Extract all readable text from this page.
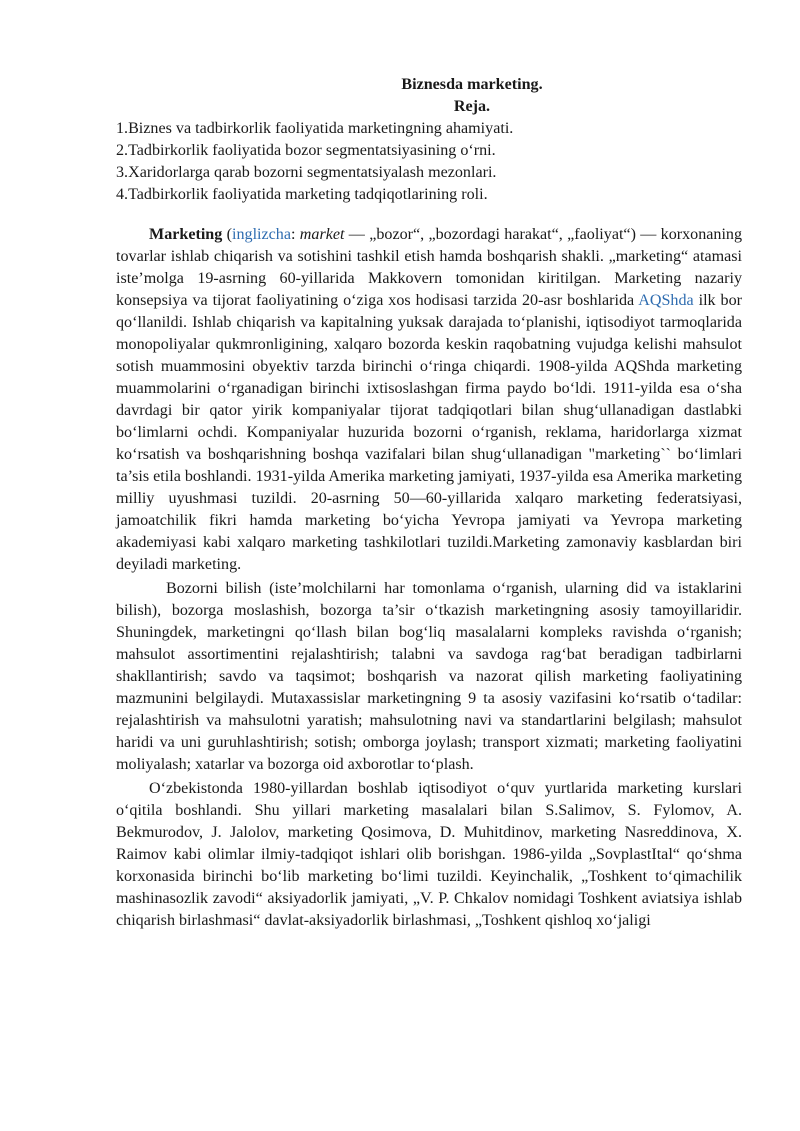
Biznesda marketing.
Reja.
1.Biznes va tadbirkorlik faoliyatida marketingning ahamiyati.
2.Tadbirkorlik faoliyatida bozor segmentatsiyasining o‘rni.
3.Xaridorlarga qarab bozorni segmentatsiyalash mezonlari.
4.Tadbirkorlik faoliyatida marketing tadqiqotlarining roli.

Marketing (inglizcha: market — „bozor“, „bozordagi harakat“, „faoliyat“) — korxonaning tovarlar ishlab chiqarish va sotishini tashkil etish hamda boshqarish shakli. „marketing“ atamasi iste’molga 19-asrning 60-yillarida Makkovern tomonidan kiritilgan. Marketing nazariy konsepsiya va tijorat faoliyatining o‘ziga xos hodisasi tarzida 20-asr boshlarida AQShda ilk bor qo‘llanildi. Ishlab chiqarish va kapitalning yuksak darajada to‘planishi, iqtisodiyot tarmoqlarida monopoliyalar qukmronligining, xalqaro bozorda keskin raqobatning vujudga kelishi mahsulot sotish muammosini obyektiv tarzda birinchi o‘ringa chiqardi. 1908-yilda AQShda marketing muammolarini o‘rganadigan birinchi ixtisoslashgan firma paydo bo‘ldi. 1911-yilda esa o‘sha davrdagi bir qator yirik kompaniyalar tijorat tadqiqotlari bilan shug‘ullanadigan dastlabki bo‘limlarni ochdi. Kompaniyalar huzurida bozorni o‘rganish, reklama, haridorlarga xizmat ko‘rsatish va boshqarishning boshqa vazifalari bilan shug‘ullanadigan "marketing`` bo‘limlari ta’sis etila boshlandi. 1931-yilda Amerika marketing jamiyati, 1937-yilda esa Amerika marketing milliy uyushmasi tuzildi. 20-asrning 50—60-yillarida xalqaro marketing federatsiyasi, jamoatchilik fikri hamda marketing bo‘yicha Yevropa jamiyati va Yevropa marketing akademiyasi kabi xalqaro marketing tashkilotlari tuzildi.Marketing zamonaviy kasblardan biri deyiladi marketing.

Bozorni bilish (iste’molchilarni har tomonlama o‘rganish, ularning did va istaklarini bilish), bozorga moslashish, bozorga ta’sir o‘tkazish marketingning asosiy tamoyillaridir. Shuningdek, marketingni qo‘llash bilan bog‘liq masalalarni kompleks ravishda o‘rganish; mahsulot assortimentini rejalashtirish; talabni va savdoga rag‘bat beradigan tadbirlarni shakllantirish; savdo va taqsimot; boshqarish va nazorat qilish marketing faoliyatining mazmunini belgilaydi. Mutaxassislar marketingning 9 ta asosiy vazifasini ko‘rsatib o‘tadilar: rejalashtirish va mahsulotni yaratish; mahsulotning navi va standartlarini belgilash; mahsulot haridi va uni guruhlashtirish; sotish; omborga joylash; transport xizmati; marketing faoliyatini moliyalash; xatarlar va bozorga oid axborotlar to‘plash.

O‘zbekistonda 1980-yillardan boshlab iqtisodiyot o‘quv yurtlarida marketing kurslari o‘qitila boshlandi. Shu yillari marketing masalalari bilan S.Salimov, S. Fylomov, A. Bekmurodov, J. Jalolov, marketing Qosimova, D. Muhitdinov, marketing Nasreddinova, X. Raimov kabi olimlar ilmiy-tadqiqot ishlari olib borishgan. 1986-yilda „SovplastItal“ qo‘shma korxonasida birinchi bo‘lib marketing bo‘limi tuzildi. Keyinchalik, „Toshkent to‘qimachilik mashinasozlik zavodi“ aksiyadorlik jamiyati, „V. P. Chkalov nomidagi Toshkent aviatsiya ishlab chiqarish birlashmasi“ davlat-aksiyadorlik birlashmasi, „Toshkent qishloq xo‘jaligi
